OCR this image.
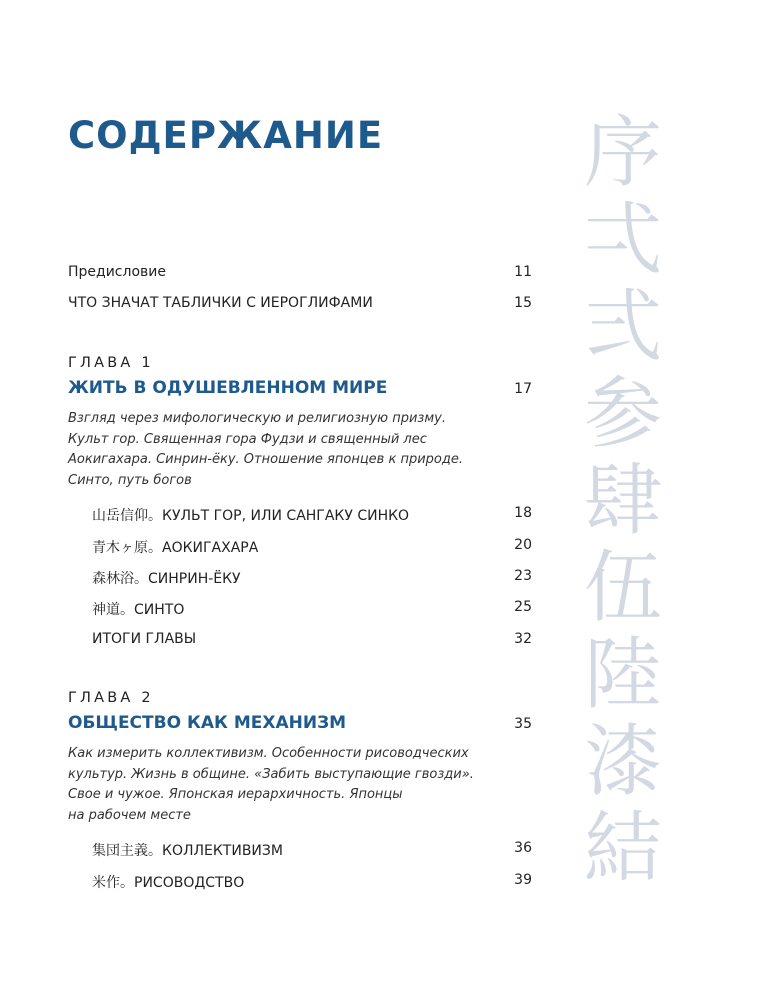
СОДЕРЖАНИЕ
Предисловие	11
ЧТО ЗНАЧАТ ТАБЛИЧКИ С ИЕРОГЛИФАМИ	15
ГЛАВА 1
ЖИТЬ В ОДУШЕВЛЕННОМ МИРЕ	17
Взгляд через мифологическую и религиозную призму.
Культ гор. Священная гора Фудзи и священный лес
Аокигахара. Синрин-ёку. Отношение японцев к природе.
Синто, путь богов
山岳信仰。КУЛЬТ ГОР, ИЛИ САНГАКУ СИНКО	18
青木ヶ原。АОКИГАХАРА	20
森林浴。СИНРИН-ЁКУ	23
神道。СИНТО	25
ИТОГИ ГЛАВЫ	32
ГЛАВА 2
ОБЩЕСТВО КАК МЕХАНИЗМ	35
Как измерить коллективизм. Особенности рисоводческих
культур. Жизнь в общине. «Забить выступающие гвозди».
Свое и чужое. Японская иерархичность. Японцы
на рабочем месте
集団主義。КОЛЛЕКТИВИЗМ	36
米作。РИСОВОДСТВО	39
序
弌
弍
参
肆
伍
陸
漆
結
